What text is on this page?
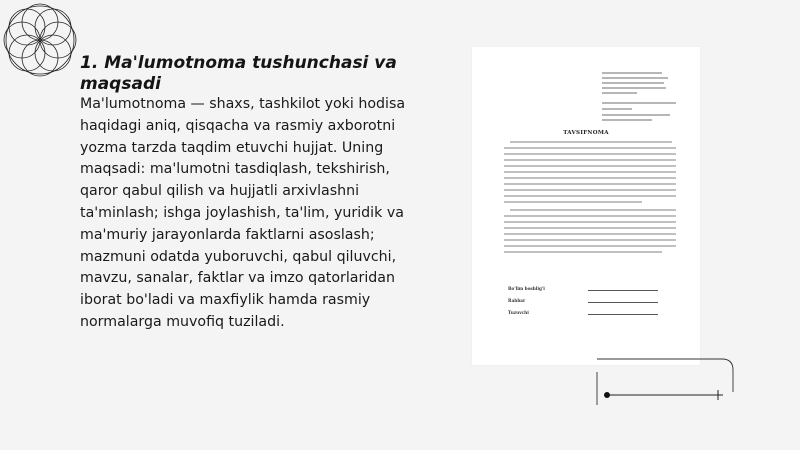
1. Ma'lumotnoma tushunchasi va maqsadi

Ma'lumotnoma — shaxs, tashkilot yoki hodisa haqidagi aniq, qisqacha va rasmiy axborotni yozma tarzda taqdim etuvchi hujjat. Uning maqsadi: ma'lumotni tasdiqlash, tekshirish, qaror qabul qilish va hujjatli arxivlashni ta'minlash; ishga joylashish, ta'lim, yuridik va ma'muriy jarayonlarda faktlarni asoslash; mazmuni odatda yuboruvchi, qabul qiluvchi, mavzu, sanalar, faktlar va imzo qatorlaridan iborat bo'ladi va maxfiylik hamda rasmiy normalarga muvofiq tuziladi.

TAVSIFNOMA
Bo'lim boshlig'i
Rahbar
Tuzuvchi
